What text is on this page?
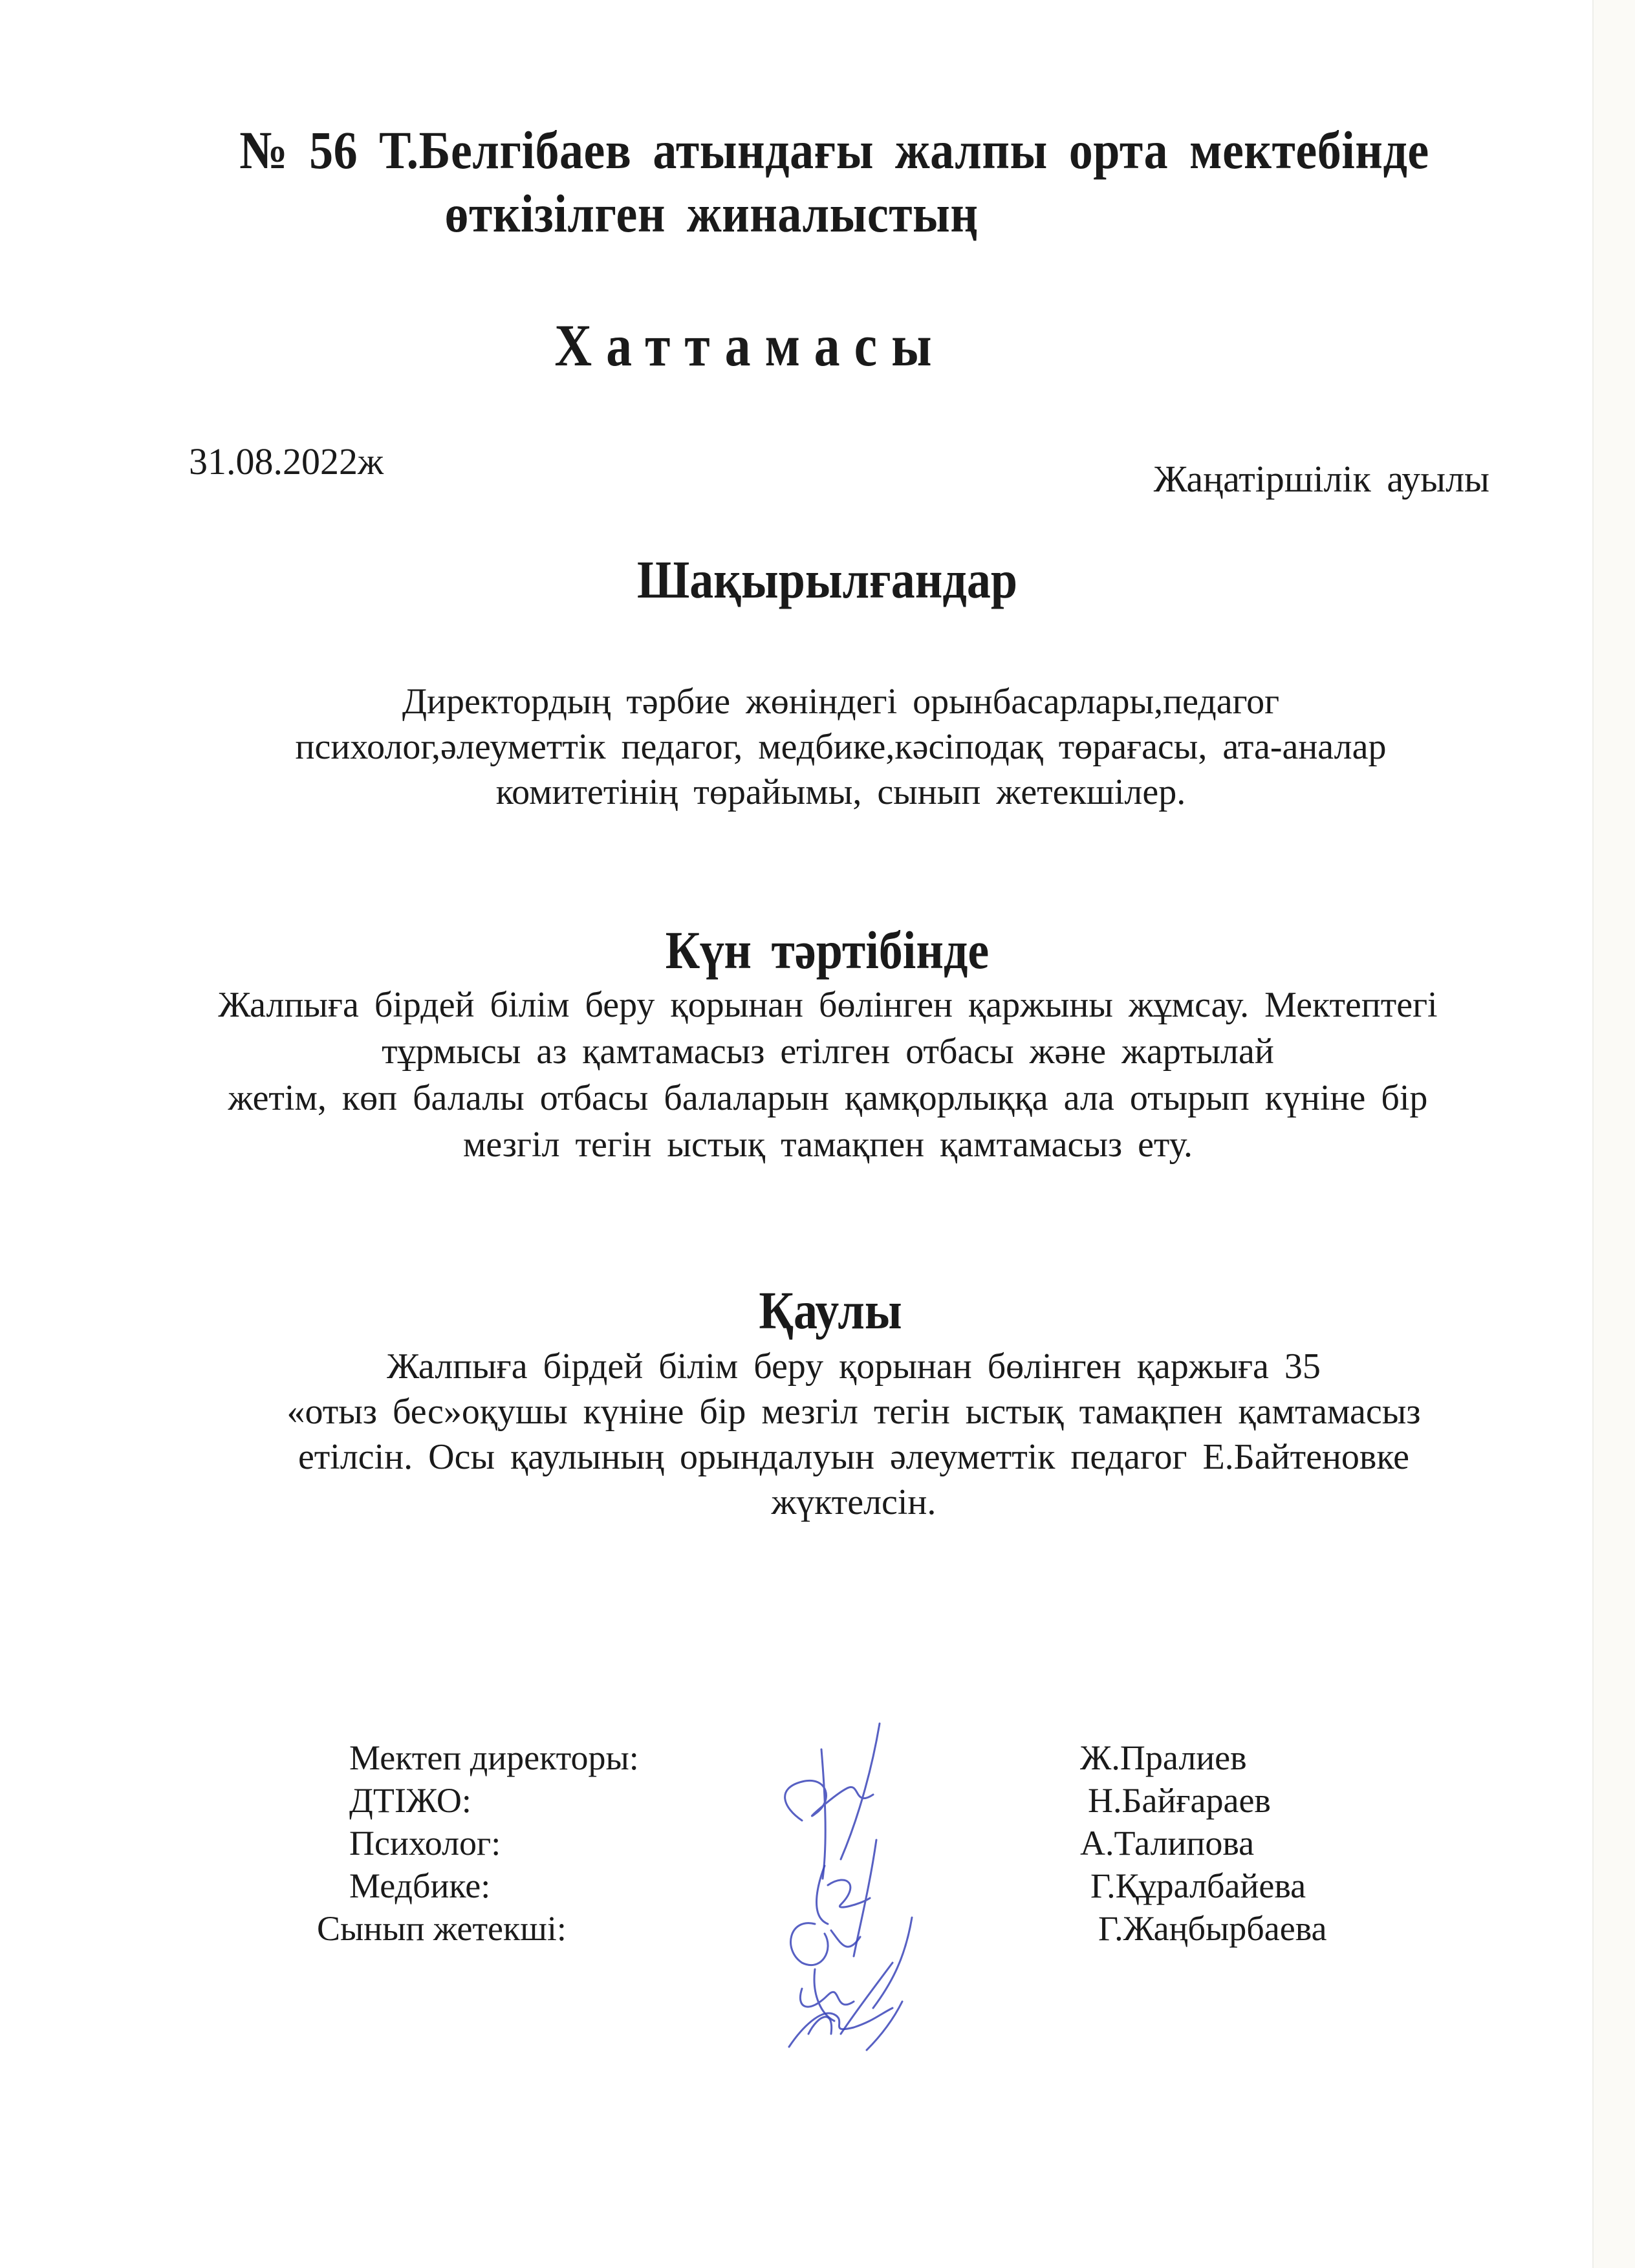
№ 56 Т.Белгібаев атындағы жалпы орта мектебінде
өткізілген жиналыстың
Хаттамасы
31.08.2022ж	Жаңатіршілік ауылы
Шақырылғандар
Директордың тәрбие жөніндегі орынбасарлары,педагог
психолог,әлеуметтік педагог, медбике,кәсіподақ төрағасы, ата-аналар
комитетінің төрайымы, сынып жетекшілер.
Күн тәртібінде
Жалпыға бірдей білім беру қорынан бөлінген қаржыны жұмсау. Мектептегі
тұрмысы аз қамтамасыз етілген отбасы және жартылай
жетім, көп балалы отбасы балаларын қамқорлыққа ала отырып күніне бір
мезгіл тегін ыстық тамақпен қамтамасыз ету.
Қаулы
Жалпыға бірдей білім беру қорынан бөлінген қаржыға 35
«отыз бес»оқушы күніне бір мезгіл тегін ыстық тамақпен қамтамасыз
етілсін. Осы қаулының орындалуын әлеуметтік педагог Е.Байтеновке
жүктелсін.
Мектеп директоры:
ДТІЖО:
Психолог:
Медбике:
Сынып жетекші:
Ж.Пралиев
Н.Байғараев
А.Талипова
Г.Құралбайева
Г.Жаңбырбаева
